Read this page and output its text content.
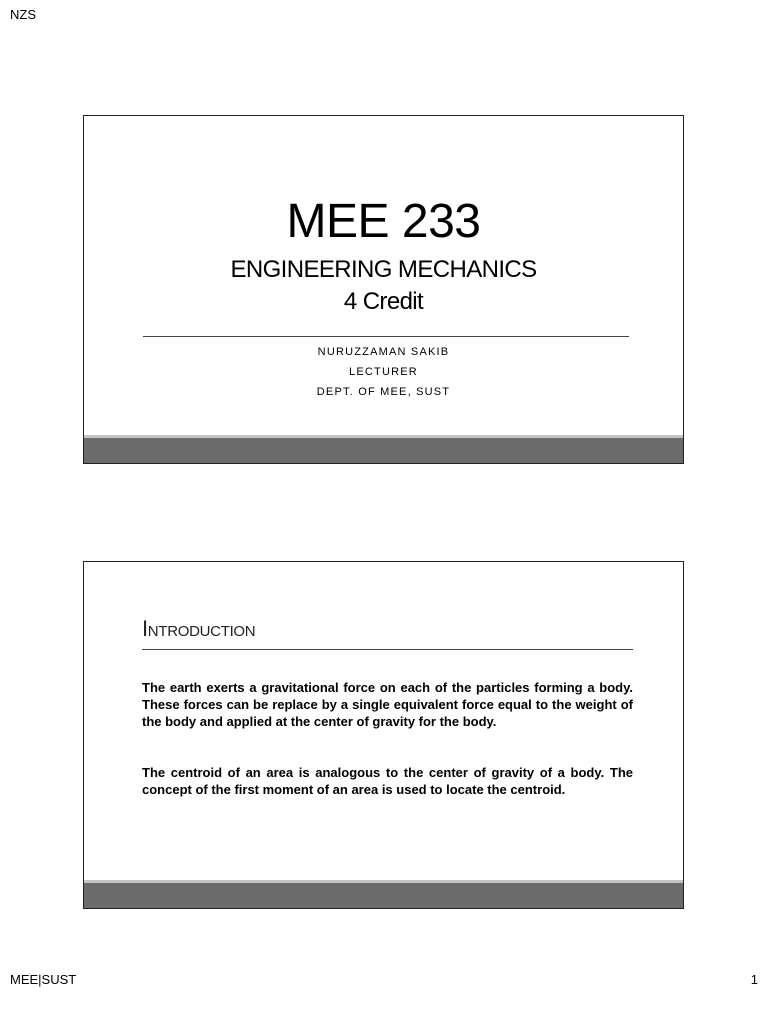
NZS
MEE 233
ENGINEERING MECHANICS
4 Credit
NURUZZAMAN SAKIB
LECTURER
DEPT. OF MEE, SUST
Introduction

The earth exerts a gravitational force on each of the particles forming a body. These forces can be replace by a single equivalent force equal to the weight of the body and applied at the center of gravity for the body.

The centroid of an area is analogous to the center of gravity of a body. The concept of the first moment of an area is used to locate the centroid.

MEE|SUST	1
